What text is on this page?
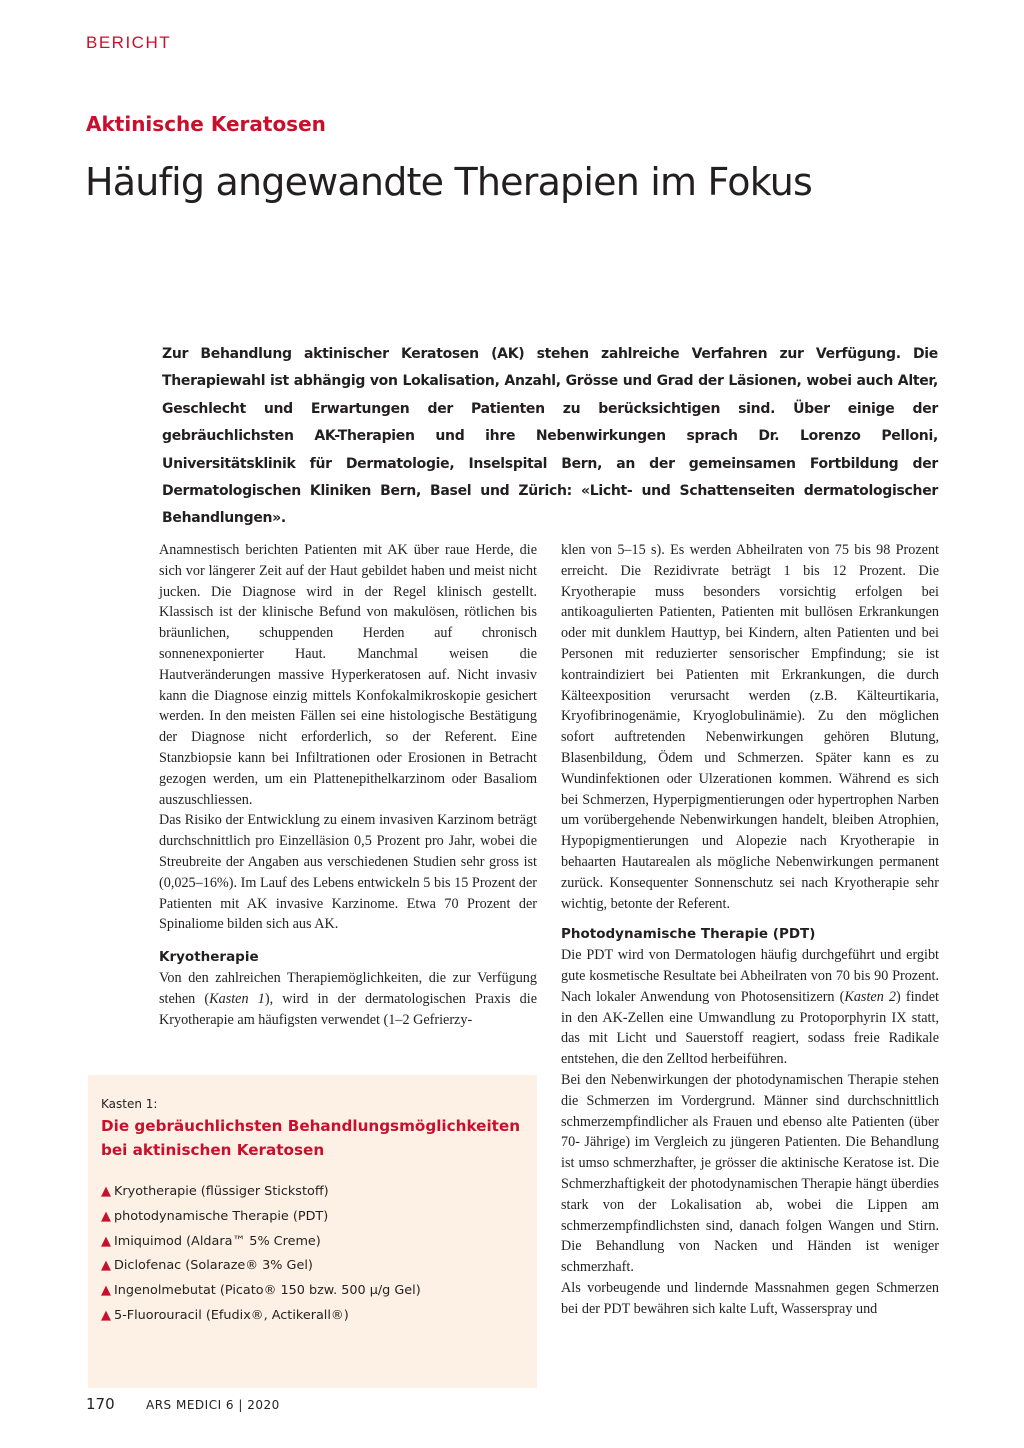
BERICHT
Aktinische Keratosen
Häufig angewandte Therapien im Fokus
Zur Behandlung aktinischer Keratosen (AK) stehen zahlreiche Verfahren zur Verfügung. Die Therapiewahl ist abhängig von Lokalisation, Anzahl, Grösse und Grad der Läsionen, wobei auch Alter, Geschlecht und Erwartungen der Patienten zu berücksichtigen sind. Über einige der gebräuchlichsten AK-Therapien und ihre Nebenwirkungen sprach Dr. Lorenzo Pelloni, Universitätsklinik für Dermatologie, Inselspital Bern, an der gemeinsamen Fortbildung der Dermatologischen Kliniken Bern, Basel und Zürich: «Licht- und Schattenseiten dermatologischer Behandlungen».

Anamnestisch berichten Patienten mit AK über raue Herde, die sich vor längerer Zeit auf der Haut gebildet haben und meist nicht jucken. Die Diagnose wird in der Regel klinisch gestellt. Klassisch ist der klinische Befund von makulösen, rötlichen bis bräunlichen, schuppenden Herden auf chronisch sonnenexponierter Haut. Manchmal weisen die Hautveränderungen massive Hyperkeratosen auf. Nicht invasiv kann die Diagnose einzig mittels Konfokalmikroskopie gesichert werden. In den meisten Fällen sei eine histologische Bestätigung der Diagnose nicht erforderlich, so der Referent. Eine Stanzbiopsie kann bei Infiltrationen oder Erosionen in Betracht gezogen werden, um ein Plattenepithelkarzinom oder Basaliom auszuschliessen.

Das Risiko der Entwicklung zu einem invasiven Karzinom beträgt durchschnittlich pro Einzelläsion 0,5 Prozent pro Jahr, wobei die Streubreite der Angaben aus verschiedenen Studien sehr gross ist (0,025–16%). Im Lauf des Lebens entwickeln 5 bis 15 Prozent der Patienten mit AK invasive Karzinome. Etwa 70 Prozent der Spinaliome bilden sich aus AK.

Kryotherapie

Von den zahlreichen Therapiemöglichkeiten, die zur Verfügung stehen (Kasten 1), wird in der dermatologischen Praxis die Kryotherapie am häufigsten verwendet (1–2 Gefrierzy-

Kasten 1:
Die gebräuchlichsten Behandlungsmöglichkeiten bei aktinischen Keratosen
▲ Kryotherapie (flüssiger Stickstoff)
▲ photodynamische Therapie (PDT)
▲ Imiquimod (Aldara™ 5% Creme)
▲ Diclofenac (Solaraze® 3% Gel)
▲ Ingenolmebutat (Picato® 150 bzw. 500 µ/g Gel)
▲ 5-Fluorouracil (Efudix®, Actikerall®)

klen von 5–15 s). Es werden Abheilraten von 75 bis 98 Prozent erreicht. Die Rezidivrate beträgt 1 bis 12 Prozent. Die Kryotherapie muss besonders vorsichtig erfolgen bei antikoagulierten Patienten, Patienten mit bullösen Erkrankungen oder mit dunklem Hauttyp, bei Kindern, alten Patienten und bei Personen mit reduzierter sensorischer Empfindung; sie ist kontraindiziert bei Patienten mit Erkrankungen, die durch Kälteexposition verursacht werden (z.B. Kälteurtikaria, Kryofibrinogenämie, Kryoglobulinämie). Zu den möglichen sofort auftretenden Nebenwirkungen gehören Blutung, Blasenbildung, Ödem und Schmerzen. Später kann es zu Wundinfektionen oder Ulzerationen kommen. Während es sich bei Schmerzen, Hyperpigmentierungen oder hypertrophen Narben um vorübergehende Nebenwirkungen handelt, bleiben Atrophien, Hypopigmentierungen und Alopezie nach Kryotherapie in behaarten Hautarealen als mögliche Nebenwirkungen permanent zurück. Konsequenter Sonnenschutz sei nach Kryotherapie sehr wichtig, betonte der Referent.

Photodynamische Therapie (PDT)

Die PDT wird von Dermatologen häufig durchgeführt und ergibt gute kosmetische Resultate bei Abheilraten von 70 bis 90 Prozent. Nach lokaler Anwendung von Photosensitizern (Kasten 2) findet in den AK-Zellen eine Umwandlung zu Protoporphyrin IX statt, das mit Licht und Sauerstoff reagiert, sodass freie Radikale entstehen, die den Zelltod herbeiführen.

Bei den Nebenwirkungen der photodynamischen Therapie stehen die Schmerzen im Vordergrund. Männer sind durchschnittlich schmerzempfindlicher als Frauen und ebenso alte Patienten (über 70- Jährige) im Vergleich zu jüngeren Patienten. Die Behandlung ist umso schmerzhafter, je grösser die aktinische Keratose ist. Die Schmerzhaftigkeit der photodynamischen Therapie hängt überdies stark von der Lokalisation ab, wobei die Lippen am schmerzempfindlichsten sind, danach folgen Wangen und Stirn. Die Behandlung von Nacken und Händen ist weniger schmerzhaft.

Als vorbeugende und lindernde Massnahmen gegen Schmerzen bei der PDT bewähren sich kalte Luft, Wasserspray und

170	ARS MEDICI 6 | 2020
